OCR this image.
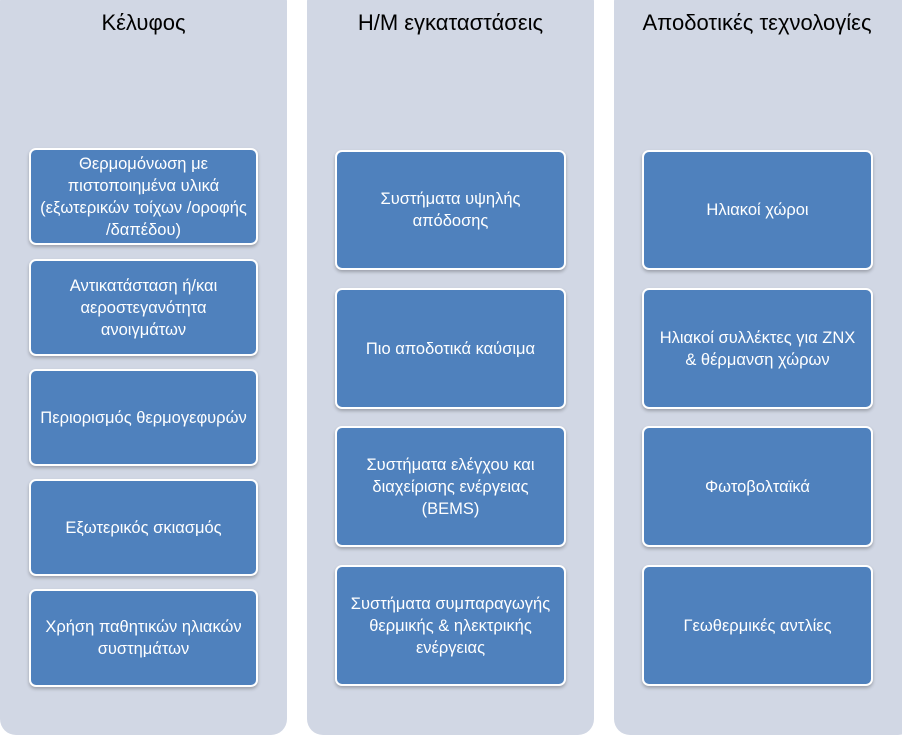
Κέλυφος	Η/Μ εγκαταστάσεις	Αποδοτικές τεχνολογίες
Θερμομόνωση με πιστοποιημένα υλικά (εξωτερικών τοίχων /οροφής /δαπέδου)
Αντικατάσταση ή/και αεροστεγανότητα ανοιγμάτων
Περιορισμός θερμογεφυρών
Εξωτερικός σκιασμός
Χρήση παθητικών ηλιακών συστημάτων
Συστήματα υψηλής απόδοσης
Πιο αποδοτικά καύσιμα
Συστήματα ελέγχου και διαχείρισης ενέργειας (BEMS)
Συστήματα συμπαραγωγής θερμικής & ηλεκτρικής ενέργειας
Ηλιακοί χώροι
Ηλιακοί συλλέκτες για ΖΝΧ & θέρμανση χώρων
Φωτοβολταϊκά
Γεωθερμικές αντλίες
